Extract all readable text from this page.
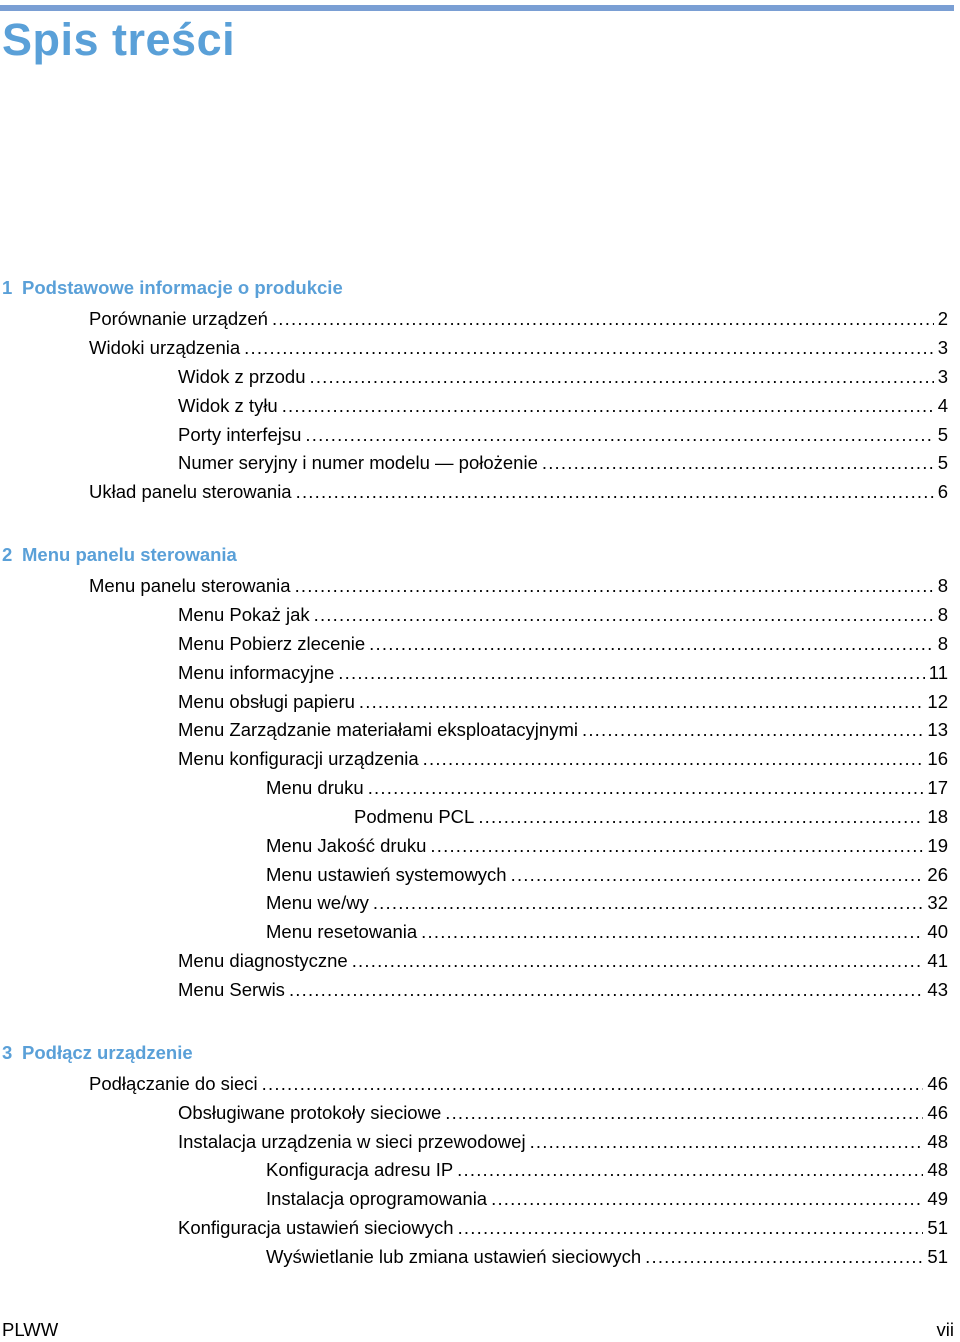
Spis treści
1 Podstawowe informacje o produkcie
Porównanie urządzeń .....	2
Widoki urządzenia .....	3
Widok z przodu .....	3
Widok z tyłu .....	4
Porty interfejsu .....	5
Numer seryjny i numer modelu — położenie .....	5
Układ panelu sterowania .....	6
2 Menu panelu sterowania
Menu panelu sterowania .....	8
Menu Pokaż jak .....	8
Menu Pobierz zlecenie .....	8
Menu informacyjne .....	11
Menu obsługi papieru .....	12
Menu Zarządzanie materiałami eksploatacyjnymi .....	13
Menu konfiguracji urządzenia .....	16
Menu druku .....	17
Podmenu PCL .....	18
Menu Jakość druku .....	19
Menu ustawień systemowych .....	26
Menu we/wy .....	32
Menu resetowania .....	40
Menu diagnostyczne .....	41
Menu Serwis .....	43
3 Podłącz urządzenie
Podłączanie do sieci .....	46
Obsługiwane protokoły sieciowe .....	46
Instalacja urządzenia w sieci przewodowej .....	48
Konfiguracja adresu IP .....	48
Instalacja oprogramowania .....	49
Konfiguracja ustawień sieciowych .....	51
Wyświetlanie lub zmiana ustawień sieciowych .....	51
PLWW	vii
